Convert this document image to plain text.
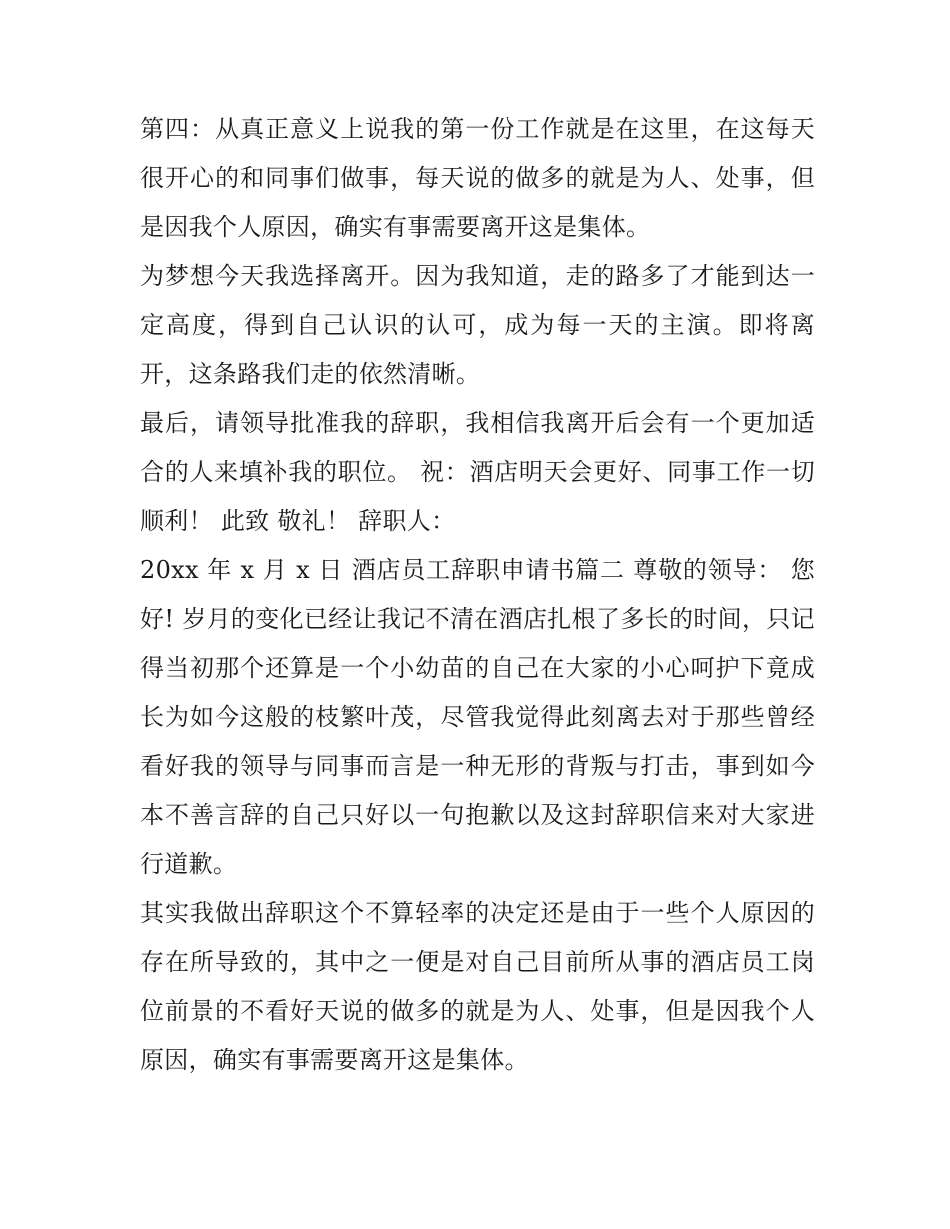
第四：从真正意义上说我的第一份工作就是在这里，在这每天很开心的和同事们做事，每天说的做多的就是为人、处事，但是因我个人原因，确实有事需要离开这是集体。

为梦想今天我选择离开。因为我知道，走的路多了才能到达一定高度，得到自己认识的认可，成为每一天的主演。即将离开，这条路我们走的依然清晰。

最后，请领导批准我的辞职，我相信我离开后会有一个更加适合的人来填补我的职位。 祝：酒店明天会更好、同事工作一切顺利！ 此致 敬礼！ 辞职人：

20xx 年 x 月 x 日 酒店员工辞职申请书篇二 尊敬的领导： 您好! 岁月的变化已经让我记不清在酒店扎根了多长的时间，只记得当初那个还算是一个小幼苗的自己在大家的小心呵护下竟成长为如今这般的枝繁叶茂，尽管我觉得此刻离去对于那些曾经看好我的领导与同事而言是一种无形的背叛与打击，事到如今本不善言辞的自己只好以一句抱歉以及这封辞职信来对大家进行道歉。

其实我做出辞职这个不算轻率的决定还是由于一些个人原因的存在所导致的，其中之一便是对自己目前所从事的酒店员工岗位前景的不看好天说的做多的就是为人、处事，但是因我个人原因，确实有事需要离开这是集体。
